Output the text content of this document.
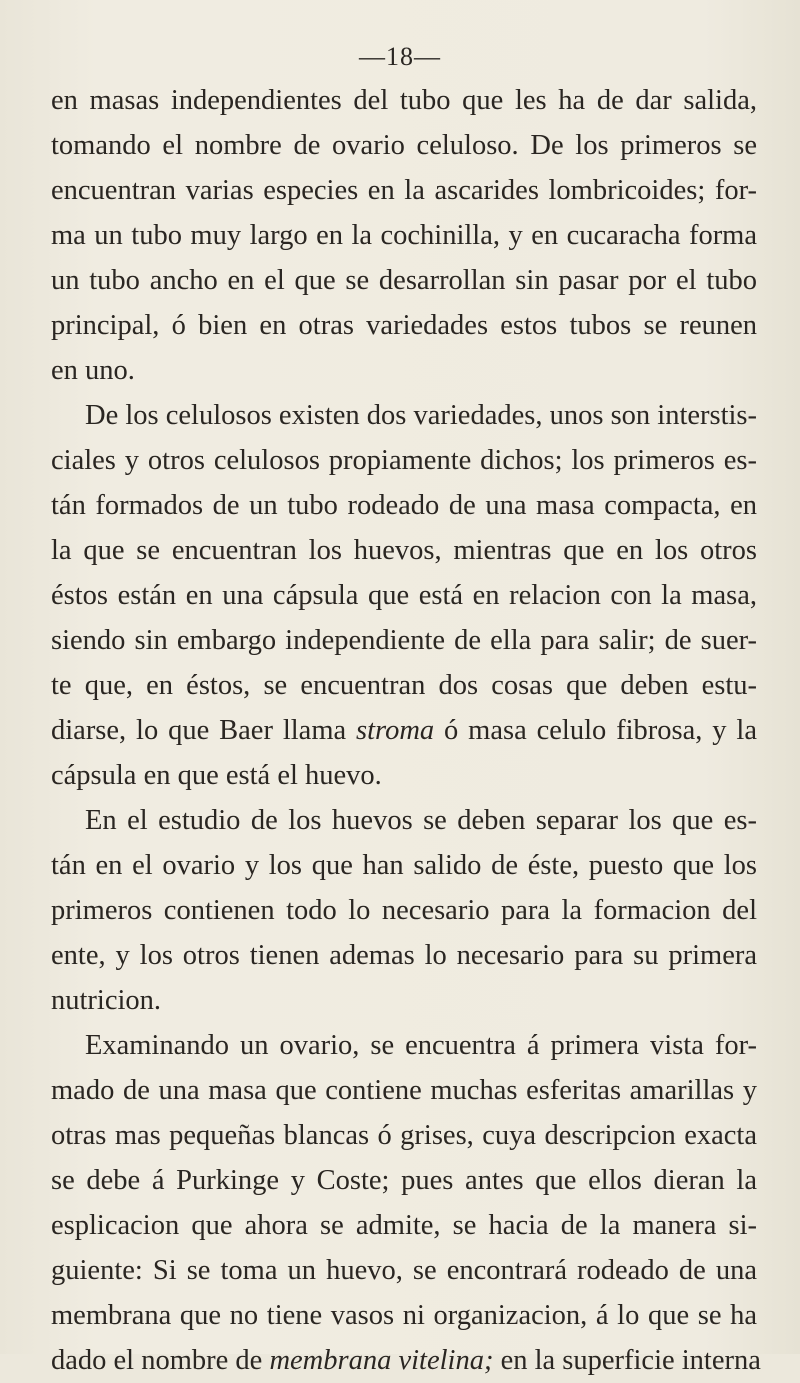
—18—
en masas independientes del tubo que les ha de dar salida,
tomando el nombre de ovario celuloso. De los primeros se
encuentran varias especies en la ascarides lombricoides; for-
ma un tubo muy largo en la cochinilla, y en cucaracha forma
un tubo ancho en el que se desarrollan sin pasar por el tubo
principal, ó bien en otras variedades estos tubos se reunen
en uno.
De los celulosos existen dos variedades, unos son interstis-
ciales y otros celulosos propiamente dichos; los primeros es-
tán formados de un tubo rodeado de una masa compacta, en
la que se encuentran los huevos, mientras que en los otros
éstos están en una cápsula que está en relacion con la masa,
siendo sin embargo independiente de ella para salir; de suer-
te que, en éstos, se encuentran dos cosas que deben estu-
diarse, lo que Baer llama stroma ó masa celulo fibrosa, y la
cápsula en que está el huevo.
En el estudio de los huevos se deben separar los que es-
tán en el ovario y los que han salido de éste, puesto que los
primeros contienen todo lo necesario para la formacion del
ente, y los otros tienen ademas lo necesario para su primera
nutricion.
Examinando un ovario, se encuentra á primera vista for-
mado de una masa que contiene muchas esferitas amarillas y
otras mas pequeñas blancas ó grises, cuya descripcion exacta
se debe á Purkinge y Coste; pues antes que ellos dieran la
esplicacion que ahora se admite, se hacia de la manera si-
guiente: Si se toma un huevo, se encontrará rodeado de una
membrana que no tiene vasos ni organizacion, á lo que se ha
dado el nombre de membrana vitelina; en la superficie interna
